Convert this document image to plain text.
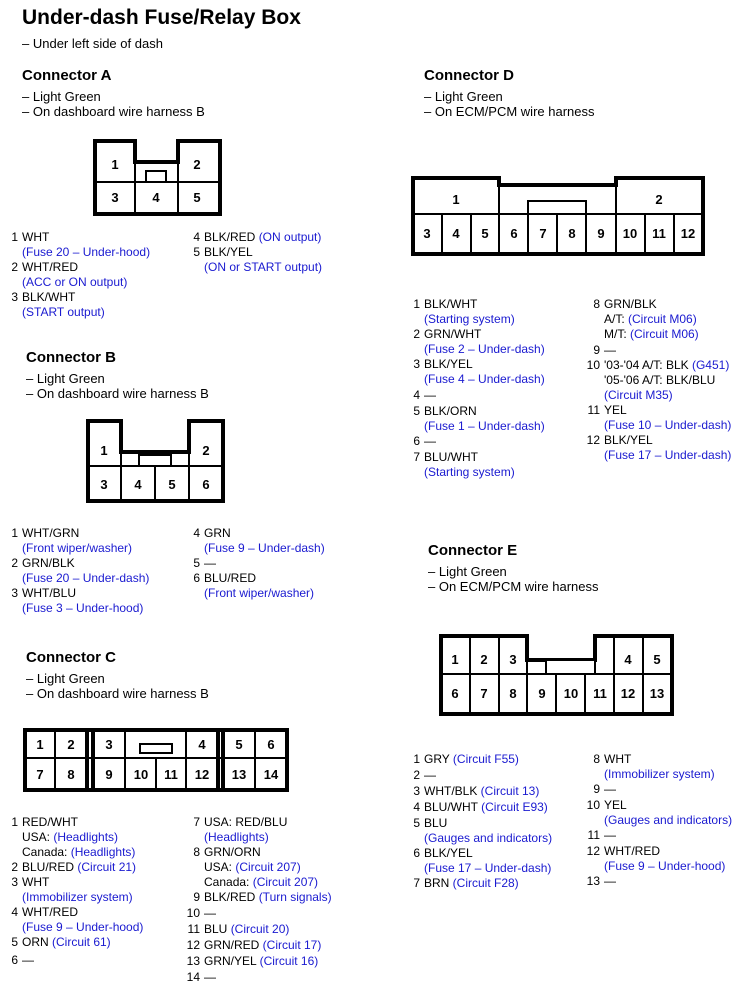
Under-dash Fuse/Relay Box
– Under left side of dash
Connector A
– Light Green
– On dashboard wire harness B
Connector B
– Light Green
– On dashboard wire harness B
Connector C
– Light Green
– On dashboard wire harness B
Connector D
– Light Green
– On ECM/PCM wire harness
Connector E
– Light Green
– On ECM/PCM wire harness
1	2
3	4	5
1	2
3 4 5 6
1 2 3	4 5 6
7 8 9 10 11 12 13 14
1	2
3 4 5 6 7 8 9 10 11 12
1 2 3	4 5
6 7 8 9 10 11 12 13
1 WHT
(Fuse 20 – Under-hood)
2 WHT/RED
(ACC or ON output)
3 BLK/WHT
(START output)
4 BLK/RED (ON output)
5 BLK/YEL
(ON or START output)
1 WHT/GRN
(Front wiper/washer)
2 GRN/BLK
(Fuse 20 – Under-dash)
3 WHT/BLU
(Fuse 3 – Under-hood)
4 GRN
(Fuse 9 – Under-dash)
5 —
6 BLU/RED
(Front wiper/washer)
1 RED/WHT
USA: (Headlights)
Canada: (Headlights)
2 BLU/RED (Circuit 21)
3 WHT
(Immobilizer system)
4 WHT/RED
(Fuse 9 – Under-hood)
5 ORN (Circuit 61)
6 —
7 USA: RED/BLU
(Headlights)
8 GRN/ORN
USA: (Circuit 207)
Canada: (Circuit 207)
9 BLK/RED (Turn signals)
10 —
11 BLU (Circuit 20)
12 GRN/RED (Circuit 17)
13 GRN/YEL (Circuit 16)
14 —
1 BLK/WHT
(Starting system)
2 GRN/WHT
(Fuse 2 – Under-dash)
3 BLK/YEL
(Fuse 4 – Under-dash)
4 —
5 BLK/ORN
(Fuse 1 – Under-dash)
6 —
7 BLU/WHT
(Starting system)
8 GRN/BLK
A/T: (Circuit M06)
M/T: (Circuit M06)
9 —
10 '03-'04 A/T: BLK (G451)
'05-'06 A/T: BLK/BLU
(Circuit M35)
11 YEL
(Fuse 10 – Under-dash)
12 BLK/YEL
(Fuse 17 – Under-dash)
1 GRY (Circuit F55)
2 —
3 WHT/BLK (Circuit 13)
4 BLU/WHT (Circuit E93)
5 BLU
(Gauges and indicators)
6 BLK/YEL
(Fuse 17 – Under-dash)
7 BRN (Circuit F28)
8 WHT
(Immobilizer system)
9 —
10 YEL
(Gauges and indicators)
11 —
12 WHT/RED
(Fuse 9 – Under-hood)
13 —
